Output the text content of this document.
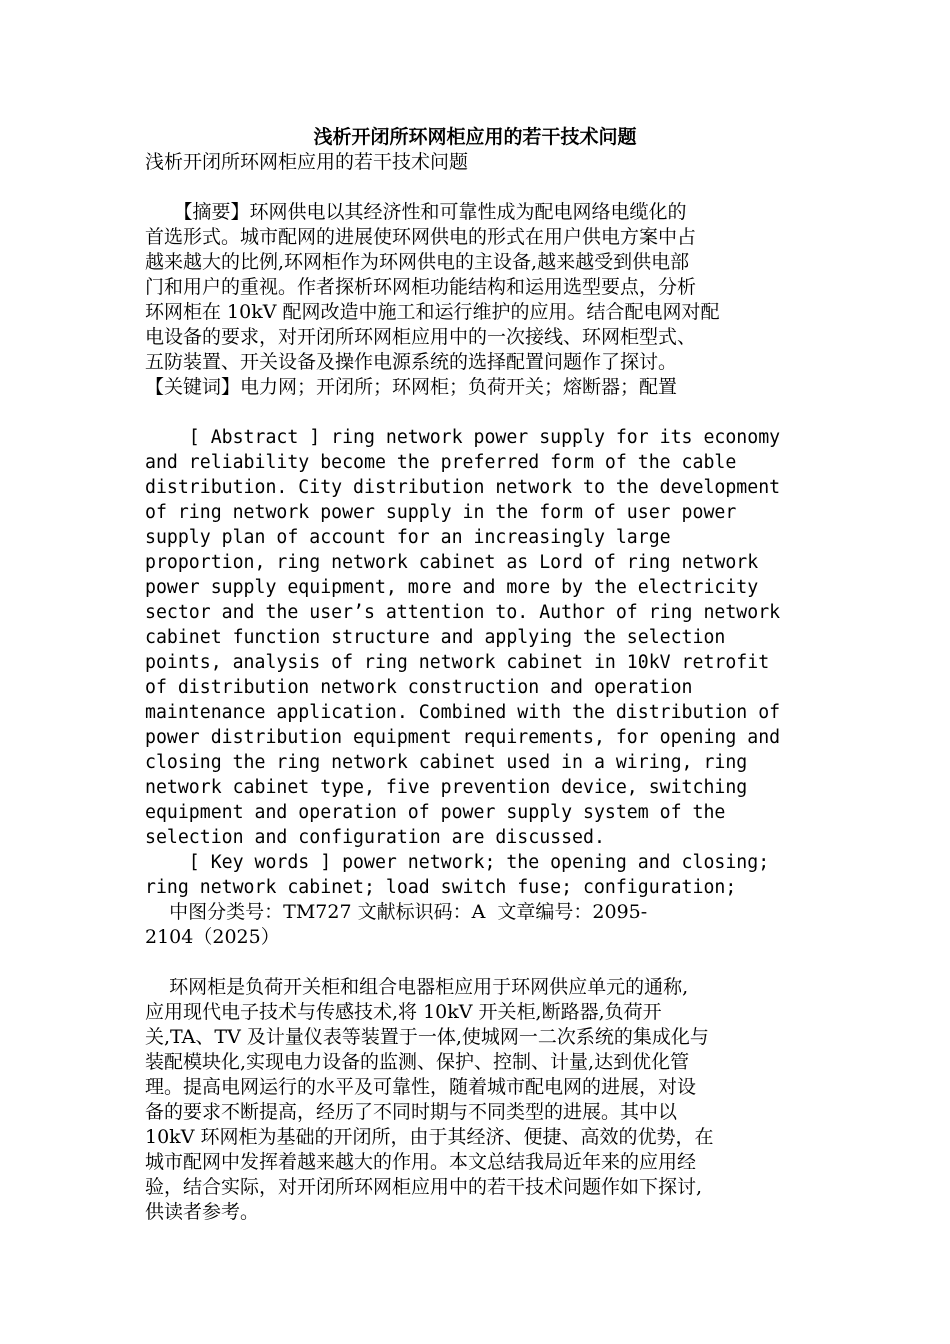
浅析开闭所环网柜应用的若干技术问题
浅析开闭所环网柜应用的若干技术问题
　　【摘要】环网供电以其经济性和可靠性成为配电网络电缆化的
首选形式。城市配网的进展使环网供电的形式在用户供电方案中占
越来越大的比例,环网柜作为环网供电的主设备,越来越受到供电部
门和用户的重视。作者探析环网柜功能结构和运用选型要点，分析
环网柜在 10kV 配网改造中施工和运行维护的应用。结合配电网对配
电设备的要求，对开闭所环网柜应用中的一次接线、环网柜型式、
五防装置、开关设备及操作电源系统的选择配置问题作了探讨。
【关键词】电力网；开闭所；环网柜；负荷开关；熔断器；配置
[ Abstract ] ring network power supply for its economy
and reliability become the preferred form of the cable
distribution. City distribution network to the development
of ring network power supply in the form of user power
supply plan of account for an increasingly large
proportion, ring network cabinet as Lord of ring network
power supply equipment, more and more by the electricity
sector and the user’s attention to. Author of ring network
cabinet function structure and applying the selection
points, analysis of ring network cabinet in 10kV retrofit
of distribution network construction and operation
maintenance application. Combined with the distribution of
power distribution equipment requirements, for opening and
closing the ring network cabinet used in a wiring, ring
network cabinet type, five prevention device, switching
equipment and operation of power supply system of the
selection and configuration are discussed.
[ Key words ] power network; the opening and closing;
ring network cabinet; load switch fuse; configuration;
中图分类号：TM727 文献标识码：A  文章编号：2095-
2104（2025）
环网柜是负荷开关柜和组合电器柜应用于环网供应单元的通称,
应用现代电子技术与传感技术,将 10kV 开关柜,断路器,负荷开
关,TA、TV 及计量仪表等装置于一体,使城网一二次系统的集成化与
装配模块化,实现电力设备的监测、保护、控制、计量,达到优化管
理。提高电网运行的水平及可靠性，随着城市配电网的进展，对设
备的要求不断提高，经历了不同时期与不同类型的进展。其中以
10kV 环网柜为基础的开闭所，由于其经济、便捷、高效的优势，在
城市配网中发挥着越来越大的作用。本文总结我局近年来的应用经
验，结合实际，对开闭所环网柜应用中的若干技术问题作如下探讨,
供读者参考。
